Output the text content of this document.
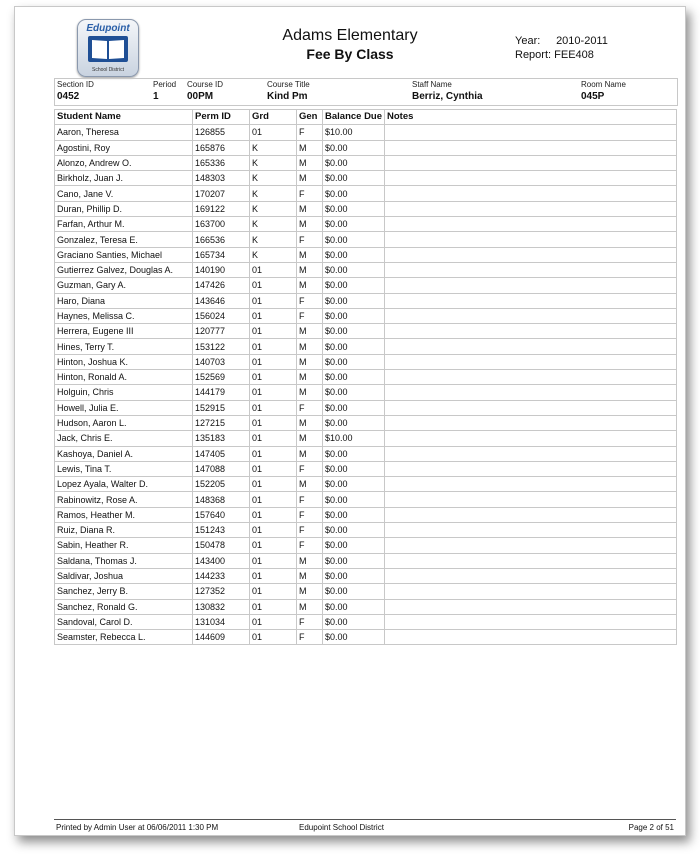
Edupoint
School District
Adams Elementary
Fee By Class
Year: 2010-2011
Report: FEE408
Section ID
0452
Period
1
Course ID
00PM
Course Title
Kind Pm
Staff Name
Berriz, Cynthia
Room Name
045P
Student Name	Perm ID	Grd	Gen	Balance Due	Notes
Aaron, Theresa	126855	01	F	$10.00	
Agostini, Roy	165876	K	M	$0.00	
Alonzo, Andrew O.	165336	K	M	$0.00	
Birkholz, Juan J.	148303	K	M	$0.00	
Cano, Jane V.	170207	K	F	$0.00	
Duran, Phillip D.	169122	K	M	$0.00	
Farfan, Arthur M.	163700	K	M	$0.00	
Gonzalez, Teresa E.	166536	K	F	$0.00	
Graciano Santies, Michael	165734	K	M	$0.00	
Gutierrez Galvez, Douglas A.	140190	01	M	$0.00	
Guzman, Gary A.	147426	01	M	$0.00	
Haro, Diana	143646	01	F	$0.00	
Haynes, Melissa C.	156024	01	F	$0.00	
Herrera, Eugene III	120777	01	M	$0.00	
Hines, Terry T.	153122	01	M	$0.00	
Hinton, Joshua K.	140703	01	M	$0.00	
Hinton, Ronald A.	152569	01	M	$0.00	
Holguin, Chris	144179	01	M	$0.00	
Howell, Julia E.	152915	01	F	$0.00	
Hudson, Aaron L.	127215	01	M	$0.00	
Jack, Chris E.	135183	01	M	$10.00	
Kashoya, Daniel A.	147405	01	M	$0.00	
Lewis, Tina T.	147088	01	F	$0.00	
Lopez Ayala, Walter D.	152205	01	M	$0.00	
Rabinowitz, Rose A.	148368	01	F	$0.00	
Ramos, Heather M.	157640	01	F	$0.00	
Ruiz, Diana R.	151243	01	F	$0.00	
Sabin, Heather R.	150478	01	F	$0.00	
Saldana, Thomas J.	143400	01	M	$0.00	
Saldivar, Joshua	144233	01	M	$0.00	
Sanchez, Jerry B.	127352	01	M	$0.00	
Sanchez, Ronald G.	130832	01	M	$0.00	
Sandoval, Carol D.	131034	01	F	$0.00	
Seamster, Rebecca L.	144609	01	F	$0.00	
Printed by Admin User at 06/06/2011 1:30 PM	Edupoint School District	Page 2 of 51
